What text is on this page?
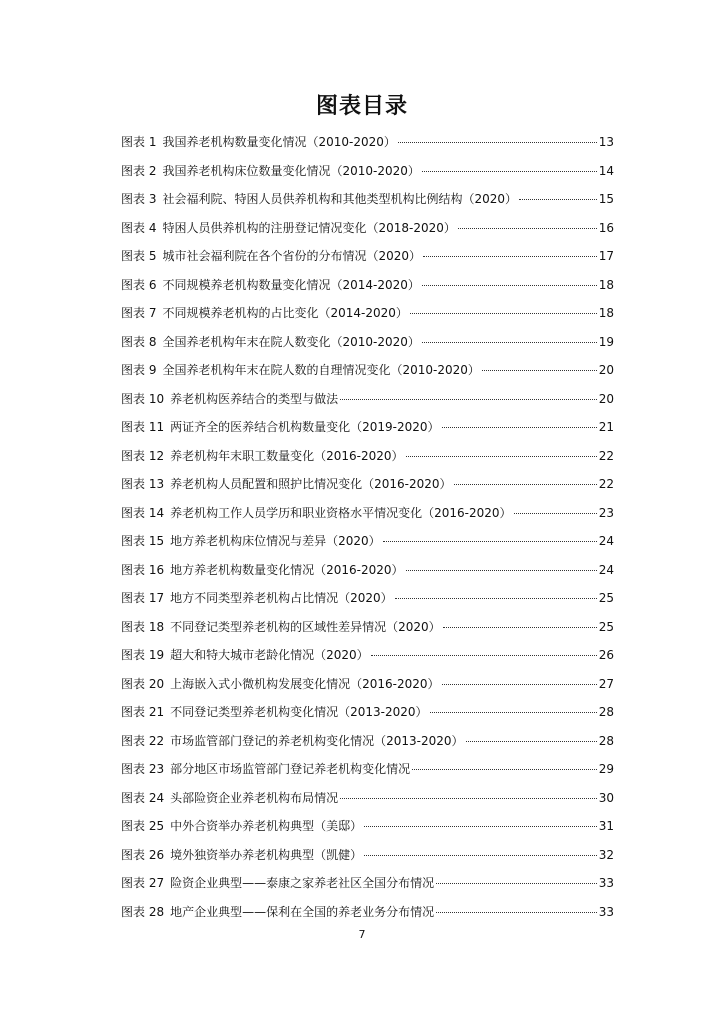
图表目录
图表 1 我国养老机构数量变化情况（2010-2020）	13
图表 2 我国养老机构床位数量变化情况（2010-2020）	14
图表 3 社会福利院、特困人员供养机构和其他类型机构比例结构（2020）	15
图表 4 特困人员供养机构的注册登记情况变化（2018-2020）	16
图表 5 城市社会福利院在各个省份的分布情况（2020）	17
图表 6 不同规模养老机构数量变化情况（2014-2020）	18
图表 7 不同规模养老机构的占比变化（2014-2020）	18
图表 8 全国养老机构年末在院人数变化（2010-2020）	19
图表 9 全国养老机构年末在院人数的自理情况变化（2010-2020）	20
图表 10 养老机构医养结合的类型与做法	20
图表 11 两证齐全的医养结合机构数量变化（2019-2020）	21
图表 12 养老机构年末职工数量变化（2016-2020）	22
图表 13 养老机构人员配置和照护比情况变化（2016-2020）	22
图表 14 养老机构工作人员学历和职业资格水平情况变化（2016-2020）	23
图表 15 地方养老机构床位情况与差异（2020）	24
图表 16 地方养老机构数量变化情况（2016-2020）	24
图表 17 地方不同类型养老机构占比情况（2020）	25
图表 18 不同登记类型养老机构的区域性差异情况（2020）	25
图表 19 超大和特大城市老龄化情况（2020）	26
图表 20 上海嵌入式小微机构发展变化情况（2016-2020）	27
图表 21 不同登记类型养老机构变化情况（2013-2020）	28
图表 22 市场监管部门登记的养老机构变化情况（2013-2020）	28
图表 23 部分地区市场监管部门登记养老机构变化情况	29
图表 24 头部险资企业养老机构布局情况	30
图表 25 中外合资举办养老机构典型（美邸）	31
图表 26 境外独资举办养老机构典型（凯健）	32
图表 27 险资企业典型——泰康之家养老社区全国分布情况	33
图表 28 地产企业典型——保利在全国的养老业务分布情况	33
7
